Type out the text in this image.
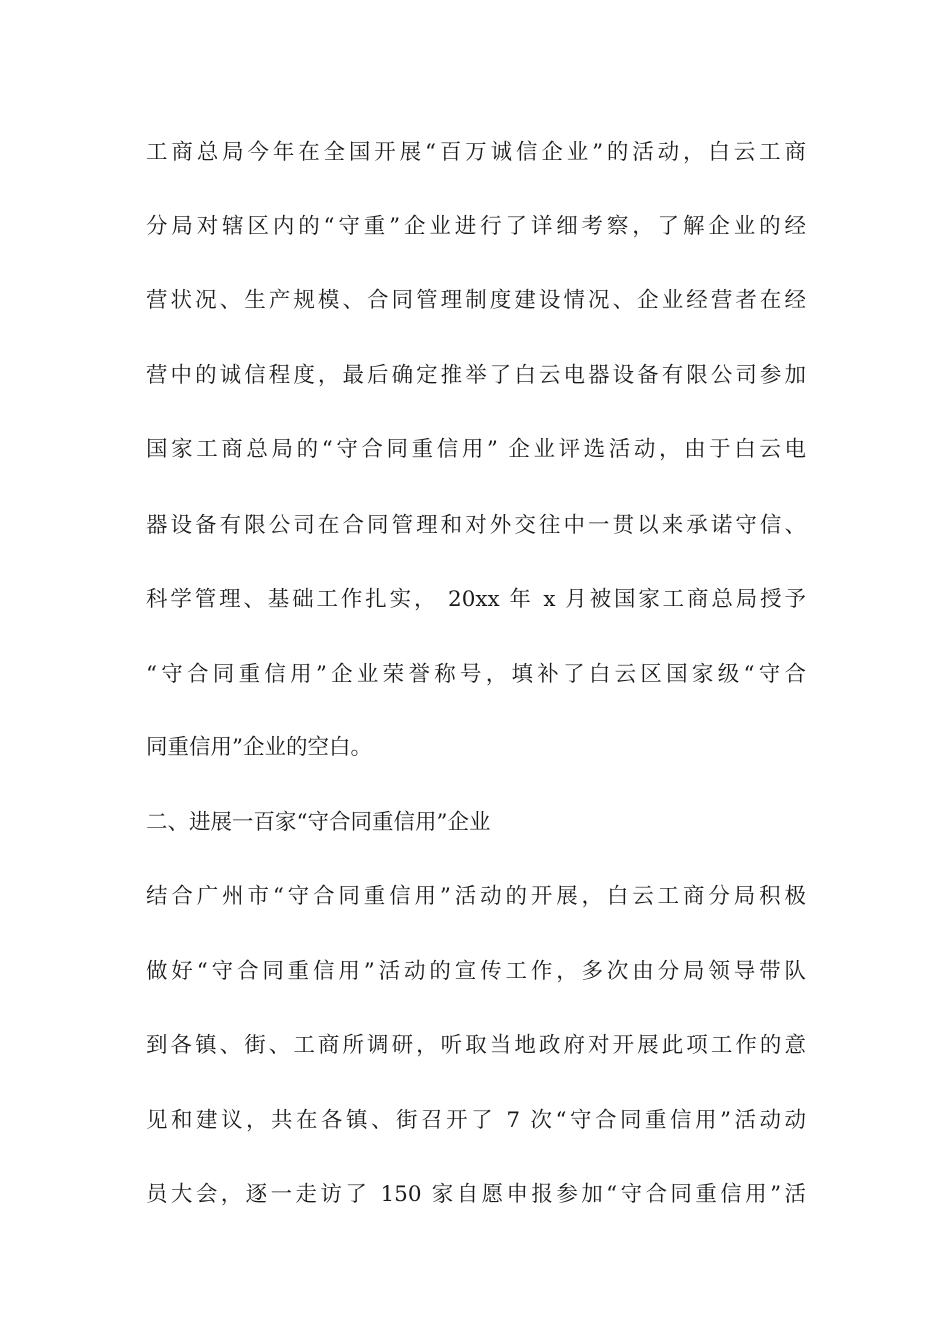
工商总局今年在全国开展“百万诚信企业”的活动，白云工商
分局对辖区内的“守重”企业进行了详细考察，了解企业的经
营状况、生产规模、合同管理制度建设情况、企业经营者在经
营中的诚信程度，最后确定推举了白云电器设备有限公司参加
国家工商总局的“守合同重信用” 企业评选活动，由于白云电
器设备有限公司在合同管理和对外交往中一贯以来承诺守信、
科学管理、基础工作扎实， 20xx 年 x 月被国家工商总局授予
“守合同重信用”企业荣誉称号，填补了白云区国家级“守合
同重信用”企业的空白。
二、进展一百家“守合同重信用”企业
结合广州市“守合同重信用”活动的开展，白云工商分局积极
做好“守合同重信用”活动的宣传工作，多次由分局领导带队
到各镇、街、工商所调研，听取当地政府对开展此项工作的意
见和建议，共在各镇、街召开了 7 次“守合同重信用”活动动
员大会，逐一走访了 150 家自愿申报参加“守合同重信用”活
